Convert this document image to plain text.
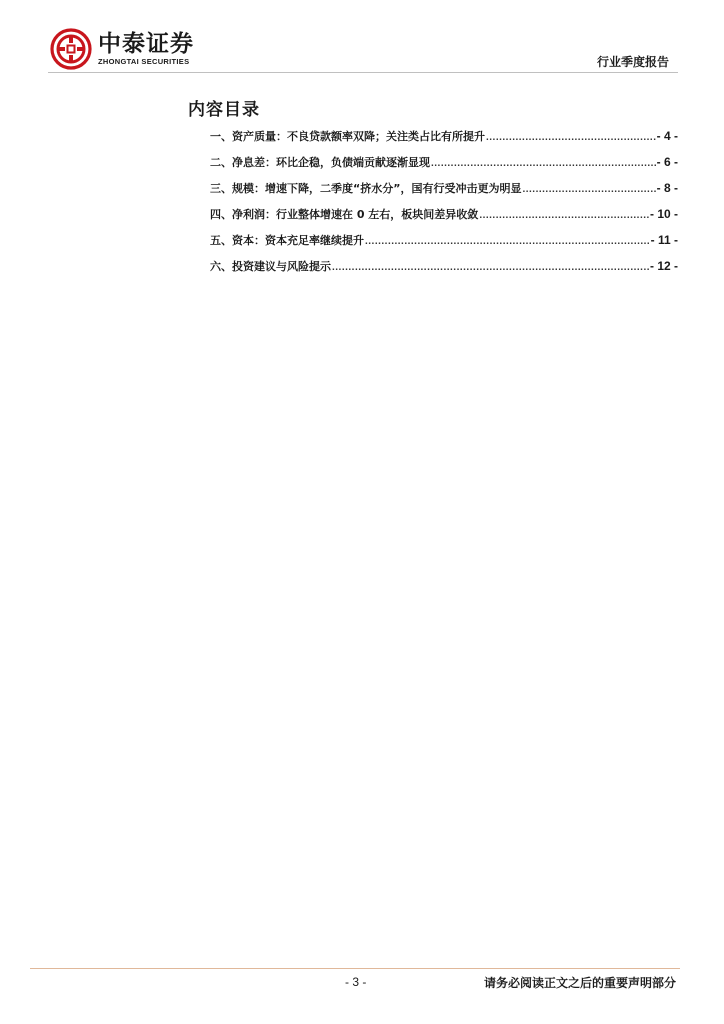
中泰证券
ZHONGTAI SECURITIES	行业季度报告
内容目录
一、资产质量：不良贷款额率双降；关注类占比有所提升 .....	- 4 -
二、净息差：环比企稳，负债端贡献逐渐显现 .....	- 6 -
三、规模：增速下降，二季度“挤水分”，国有行受冲击更为明显 .....	- 8 -
四、净利润：行业整体增速在 0 左右，板块间差异收敛 .....	- 10 -
五、资本：资本充足率继续提升 .....	- 11 -
六、投资建议与风险提示 .....	- 12 -
- 3 -	请务必阅读正文之后的重要声明部分
